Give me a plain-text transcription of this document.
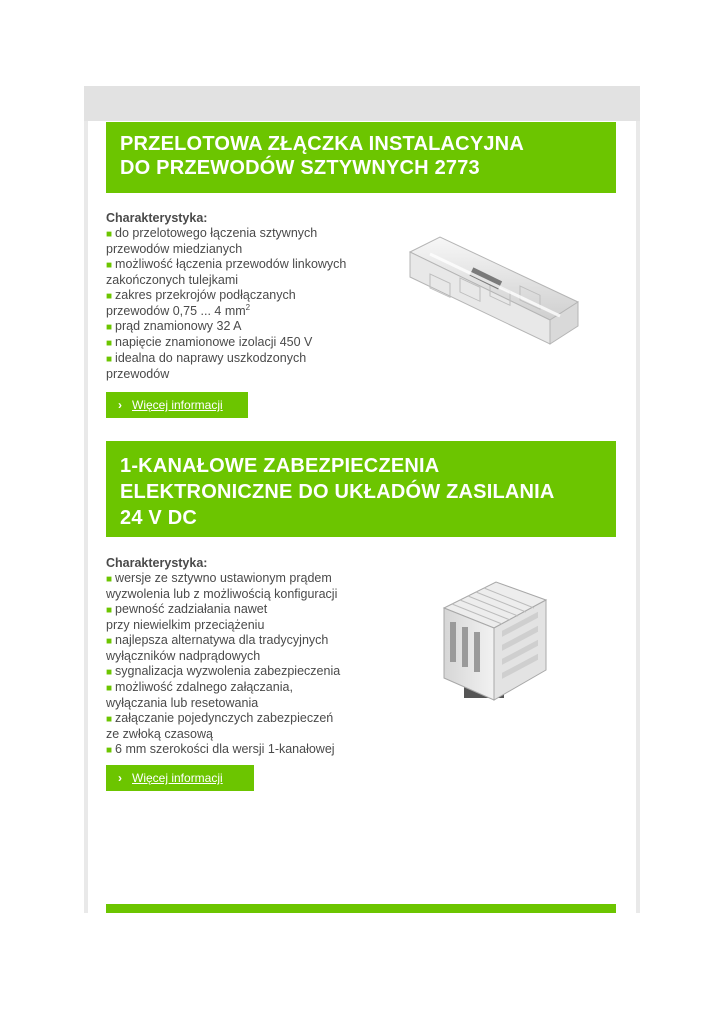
PRZELOTOWA ZŁĄCZKA INSTALACYJNA
DO PRZEWODÓW SZTYWNYCH 2773
Charakterystyka:
■ do przelotowego łączenia sztywnych
przewodów miedzianych
■ możliwość łączenia przewodów linkowych
zakończonych tulejkami
■ zakres przekrojów podłączanych
przewodów 0,75 ... 4 $mm^2$
■ prąd znamionowy 32 A
■ napięcie znamionowe izolacji 450 V
■ idealna do naprawy uszkodzonych
przewodów
› Więcej informacji
1-KANAŁOWE ZABEZPIECZENIA
ELEKTRONICZNE DO UKŁADÓW ZASILANIA
24 V DC
Charakterystyka:
■ wersje ze sztywno ustawionym prądem
wyzwolenia lub z możliwością konfiguracji
■ pewność zadziałania nawet
przy niewielkim przeciążeniu
■ najlepsza alternatywa dla tradycyjnych
wyłączników nadprądowych
■ sygnalizacja wyzwolenia zabezpieczenia
■ możliwość zdalnego załączania,
wyłączania lub resetowania
■ załączanie pojedynczych zabezpieczeń
ze zwłoką czasową
■ 6 mm szerokości dla wersji 1-kanałowej
› Więcej informacji
